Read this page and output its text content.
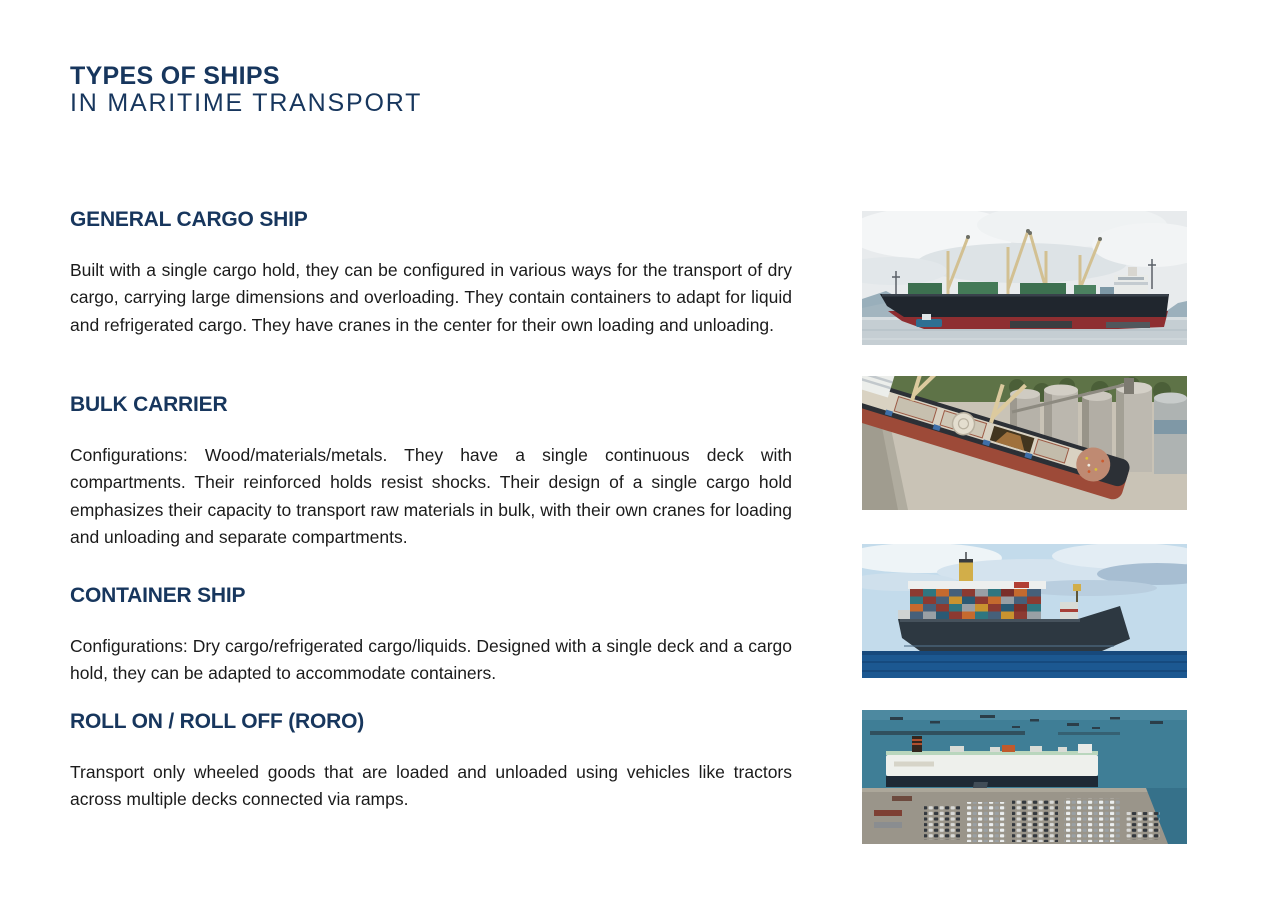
TYPES OF SHIPS
IN MARITIME TRANSPORT
GENERAL CARGO SHIP

Built with a single cargo hold, they can be configured in various ways for the transport of dry cargo, carrying large dimensions and overloading. They contain containers to adapt for liquid and refrigerated cargo. They have cranes in the center for their own loading and unloading.

BULK CARRIER

Configurations: Wood/materials/metals. They have a single continuous deck with compartments. Their reinforced holds resist shocks. Their design of a single cargo hold emphasizes their capacity to transport raw materials in bulk, with their own cranes for loading and unloading and separate compartments.

CONTAINER SHIP

Configurations: Dry cargo/refrigerated cargo/liquids. Designed with a single deck and a cargo hold, they can be adapted to accommodate containers.

ROLL ON / ROLL OFF (RORO)

Transport only wheeled goods that are loaded and unloaded using vehicles like tractors across multiple decks connected via ramps.
